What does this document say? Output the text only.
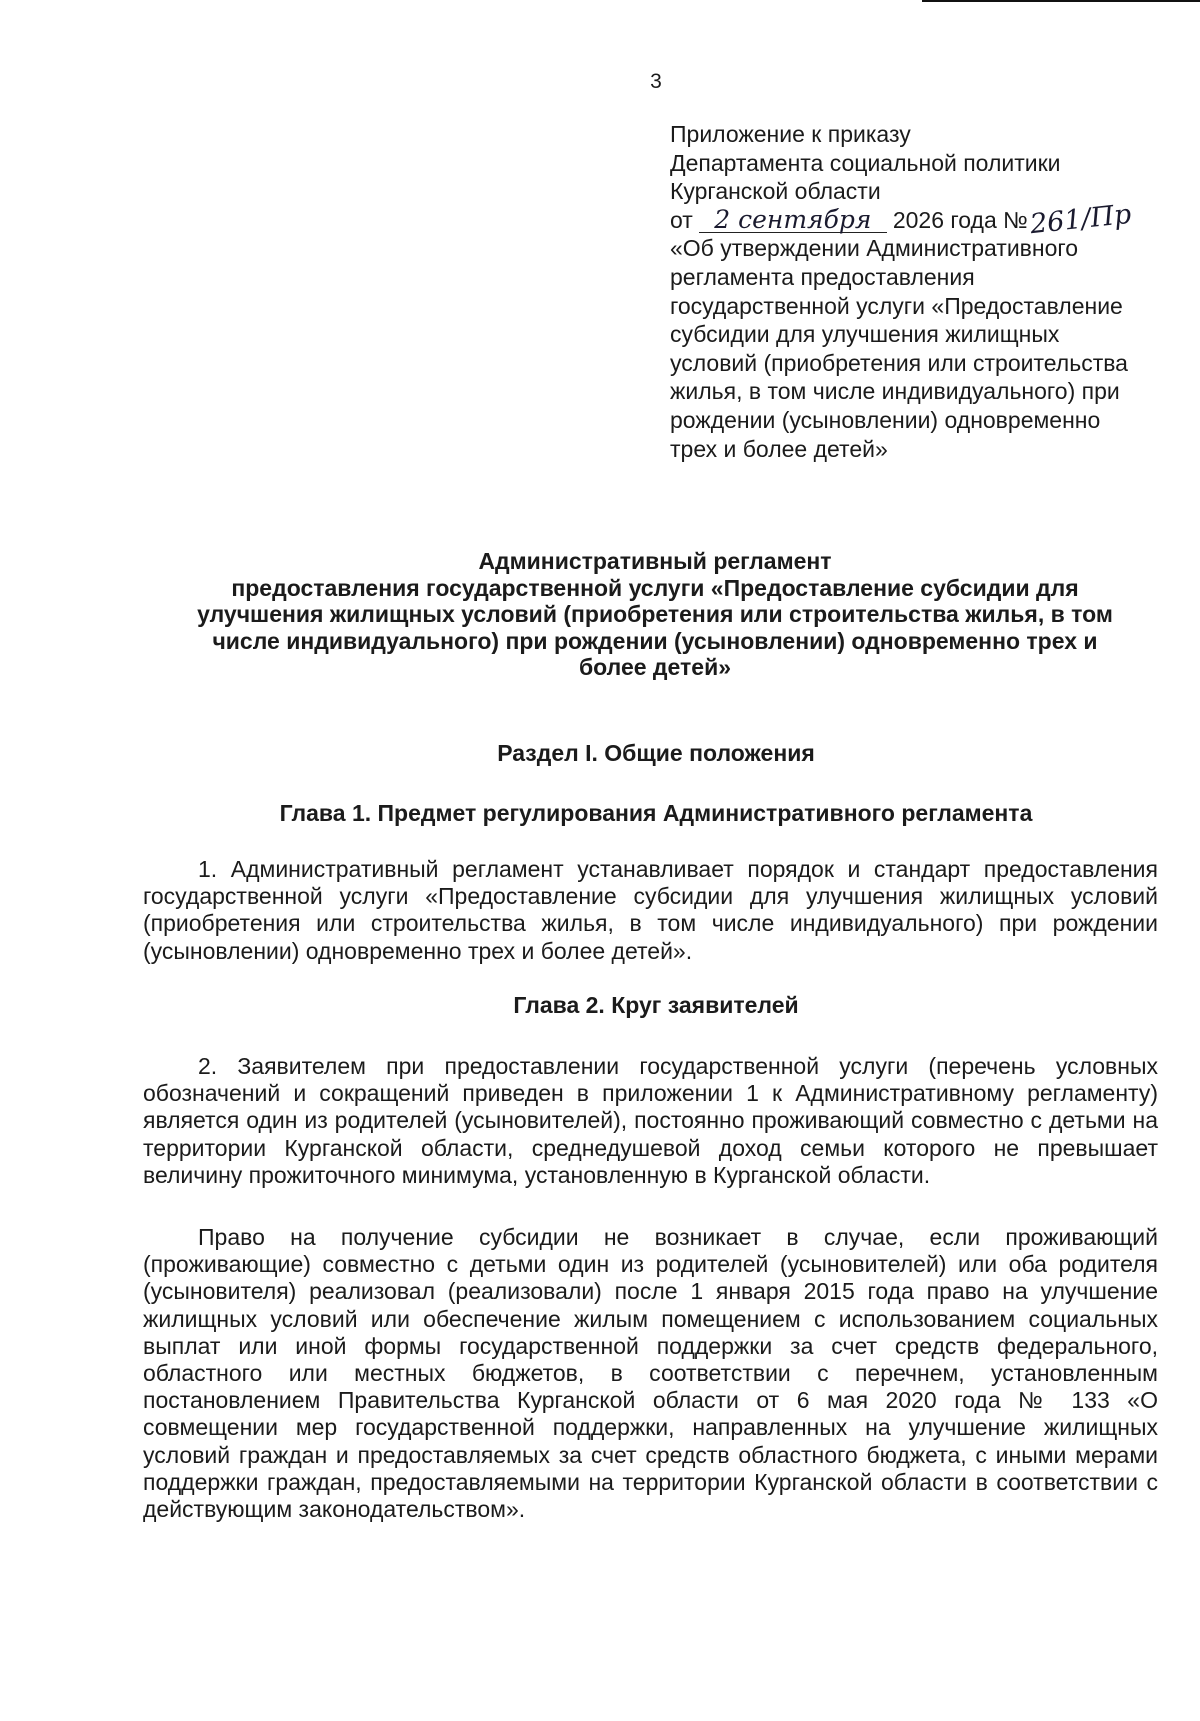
3
Приложение к приказу
Департамента социальной политики
Курганской области
от 2 сентября 2026 года №261/Пр
«Об утверждении Административного
регламента предоставления
государственной услуги «Предоставление
субсидии для улучшения жилищных
условий (приобретения или строительства
жилья, в том числе индивидуального) при
рождении (усыновлении) одновременно
трех и более детей»
Административный регламент
предоставления государственной услуги «Предоставление субсидии для
улучшения жилищных условий (приобретения или строительства жилья, в том
числе индивидуального) при рождении (усыновлении) одновременно трех и
более детей»
Раздел I. Общие положения
Глава 1. Предмет регулирования Административного регламента
1. Административный регламент устанавливает порядок и стандарт предоставления государственной услуги «Предоставление субсидии для улучшения жилищных условий (приобретения или строительства жилья, в том числе индивидуального) при рождении (усыновлении) одновременно трех и более детей».
Глава 2. Круг заявителей
2. Заявителем при предоставлении государственной услуги (перечень условных обозначений и сокращений приведен в приложении 1 к Административному регламенту) является один из родителей (усыновителей), постоянно проживающий совместно с детьми на территории Курганской области, среднедушевой доход семьи которого не превышает величину прожиточного минимума, установленную в Курганской области.
Право на получение субсидии не возникает в случае, если проживающий (проживающие) совместно с детьми один из родителей (усыновителей) или оба родителя (усыновителя) реализовал (реализовали) после 1 января 2015 года право на улучшение жилищных условий или обеспечение жилым помещением с использованием социальных выплат или иной формы государственной поддержки за счет средств федерального, областного или местных бюджетов, в соответствии с перечнем, установленным постановлением Правительства Курганской области от 6 мая 2020 года № 133 «О совмещении мер государственной поддержки, направленных на улучшение жилищных условий граждан и предоставляемых за счет средств областного бюджета, с иными мерами поддержки граждан, предоставляемыми на территории Курганской области в соответствии с действующим законодательством».
